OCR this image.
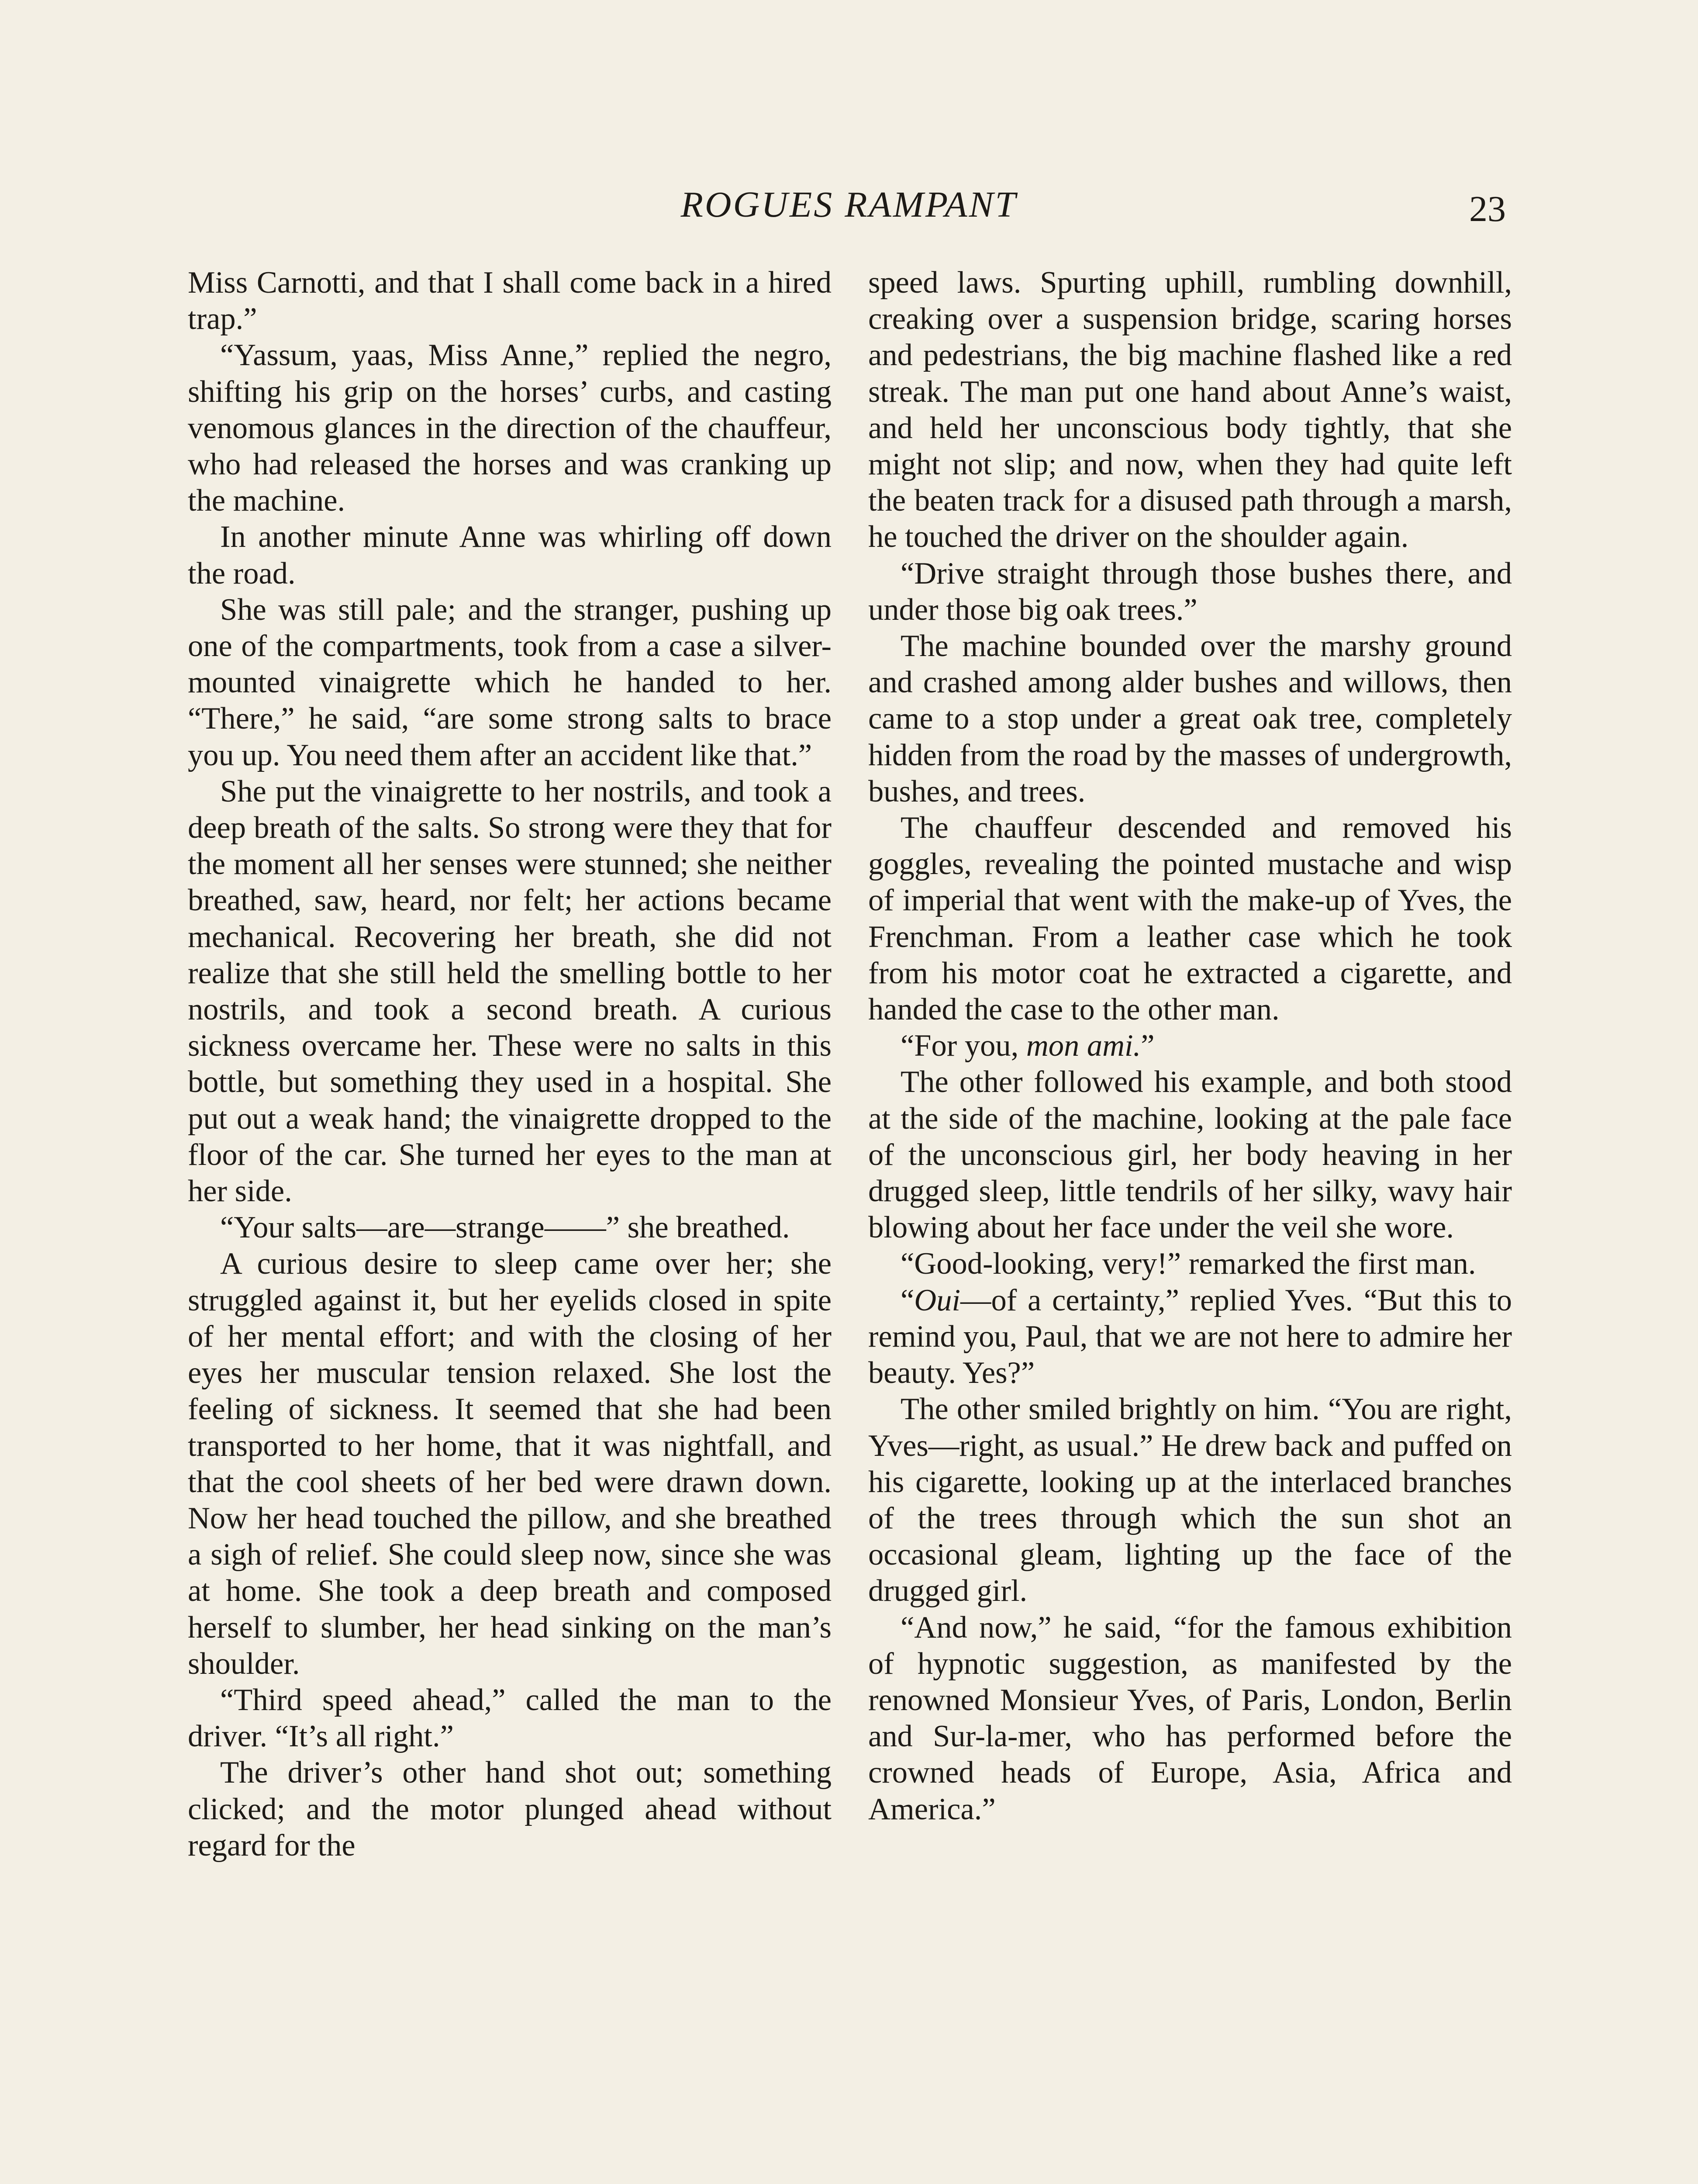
ROGUES RAMPANT	23

Miss Carnotti, and that I shall come back in a hired trap.”

“Yassum, yaas, Miss Anne,” replied the negro, shifting his grip on the horses’ curbs, and casting venomous glances in the direction of the chauffeur, who had released the horses and was cranking up the machine.

In another minute Anne was whirling off down the road.

She was still pale; and the stranger, pushing up one of the compartments, took from a case a silver-mounted vinaigrette which he handed to her. “There,” he said, “are some strong salts to brace you up. You need them after an accident like that.”

She put the vinaigrette to her nostrils, and took a deep breath of the salts. So strong were they that for the moment all her senses were stunned; she neither breathed, saw, heard, nor felt; her actions became mechanical. Recovering her breath, she did not realize that she still held the smelling bottle to her nostrils, and took a second breath. A curious sickness overcame her. These were no salts in this bottle, but something they used in a hospital. She put out a weak hand; the vinaigrette dropped to the floor of the car. She turned her eyes to the man at her side.

“Your salts—are—strange——” she breathed.

A curious desire to sleep came over her; she struggled against it, but her eyelids closed in spite of her mental effort; and with the closing of her eyes her muscular tension relaxed. She lost the feeling of sickness. It seemed that she had been transported to her home, that it was nightfall, and that the cool sheets of her bed were drawn down. Now her head touched the pillow, and she breathed a sigh of relief. She could sleep now, since she was at home. She took a deep breath and composed herself to slumber, her head sinking on the man’s shoulder.

“Third speed ahead,” called the man to the driver. “It’s all right.”

The driver’s other hand shot out; something clicked; and the motor plunged ahead without regard for the

speed laws. Spurting uphill, rumbling downhill, creaking over a suspension bridge, scaring horses and pedestrians, the big machine flashed like a red streak. The man put one hand about Anne’s waist, and held her unconscious body tightly, that she might not slip; and now, when they had quite left the beaten track for a disused path through a marsh, he touched the driver on the shoulder again.

“Drive straight through those bushes there, and under those big oak trees.”

The machine bounded over the marshy ground and crashed among alder bushes and willows, then came to a stop under a great oak tree, completely hidden from the road by the masses of undergrowth, bushes, and trees.

The chauffeur descended and removed his goggles, revealing the pointed mustache and wisp of imperial that went with the make-up of Yves, the Frenchman. From a leather case which he took from his motor coat he extracted a cigarette, and handed the case to the other man.

“For you, mon ami.”

The other followed his example, and both stood at the side of the machine, looking at the pale face of the unconscious girl, her body heaving in her drugged sleep, little tendrils of her silky, wavy hair blowing about her face under the veil she wore.

“Good-looking, very!” remarked the first man.

“Oui—of a certainty,” replied Yves. “But this to remind you, Paul, that we are not here to admire her beauty. Yes?”

The other smiled brightly on him. “You are right, Yves—right, as usual.” He drew back and puffed on his cigarette, looking up at the interlaced branches of the trees through which the sun shot an occasional gleam, lighting up the face of the drugged girl.

“And now,” he said, “for the famous exhibition of hypnotic suggestion, as manifested by the renowned Monsieur Yves, of Paris, London, Berlin and Sur-la-mer, who has performed before the crowned heads of Europe, Asia, Africa and America.”
